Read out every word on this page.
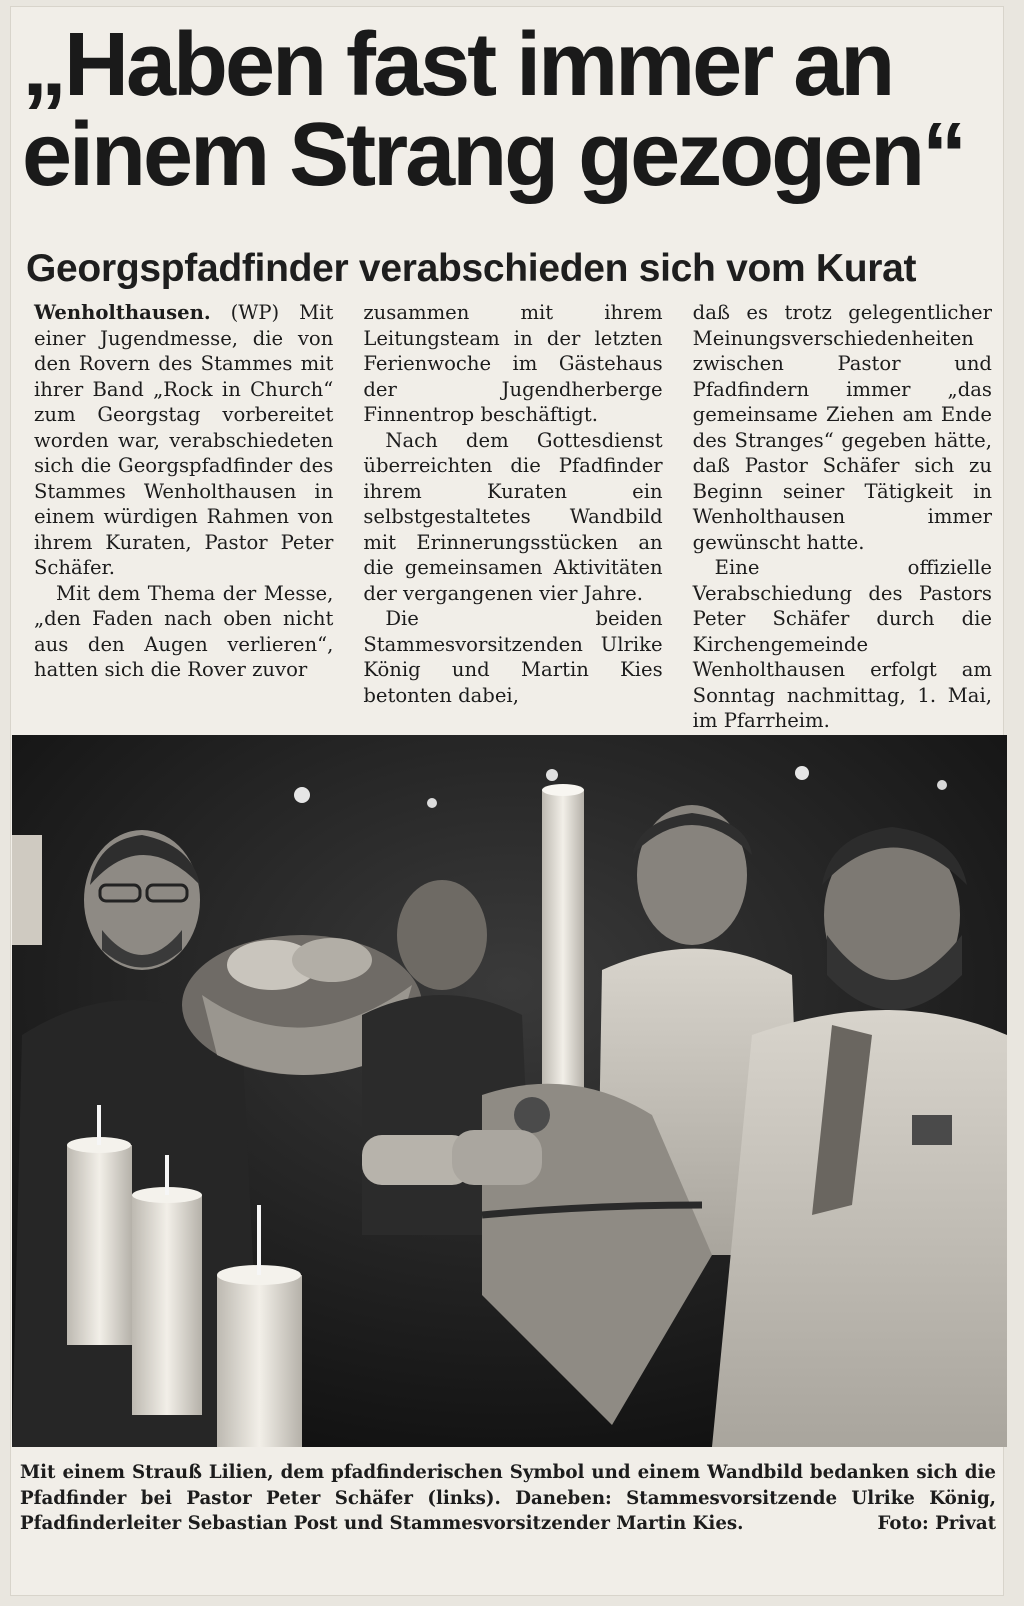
„Haben fast immer an einem Strang gezogen“
Georgspfadfinder verabschieden sich vom Kurat

Wenholthausen. (WP) Mit einer Jugendmesse, die von den Rovern des Stammes mit ihrer Band „Rock in Church“ zum Georgstag vorbereitet worden war, verabschiedeten sich die Georgspfadfinder des Stammes Wenholthausen in einem würdigen Rahmen von ihrem Kuraten, Pastor Peter Schäfer.

Mit dem Thema der Messe, „den Faden nach oben nicht aus den Augen verlieren“, hatten sich die Rover zuvor

zusammen mit ihrem Leitungsteam in der letzten Ferienwoche im Gästehaus der Jugendherberge Finnentrop beschäftigt.

Nach dem Gottesdienst überreichten die Pfadfinder ihrem Kuraten ein selbstgestaltetes Wandbild mit Erinnerungsstücken an die gemeinsamen Aktivitäten der vergangenen vier Jahre.

Die beiden Stammesvorsitzenden Ulrike König und Martin Kies betonten dabei,

daß es trotz gelegentlicher Meinungsverschiedenheiten zwischen Pastor und Pfadfindern immer „das gemeinsame Ziehen am Ende des Stranges“ gegeben hätte, daß Pastor Schäfer sich zu Beginn seiner Tätigkeit in Wenholthausen immer gewünscht hatte.

Eine offizielle Verabschiedung des Pastors Peter Schäfer durch die Kirchengemeinde Wenholthausen erfolgt am Sonntag nachmittag, 1. Mai, im Pfarrheim.

Mit einem Strauß Lilien, dem pfadfinderischen Symbol und einem Wandbild bedanken sich die Pfadfinder bei Pastor Peter Schäfer (links). Daneben: Stammesvorsitzende Ulrike König, Pfadfinderleiter Sebastian Post und Stammesvorsitzender Martin Kies.	Foto: Privat
